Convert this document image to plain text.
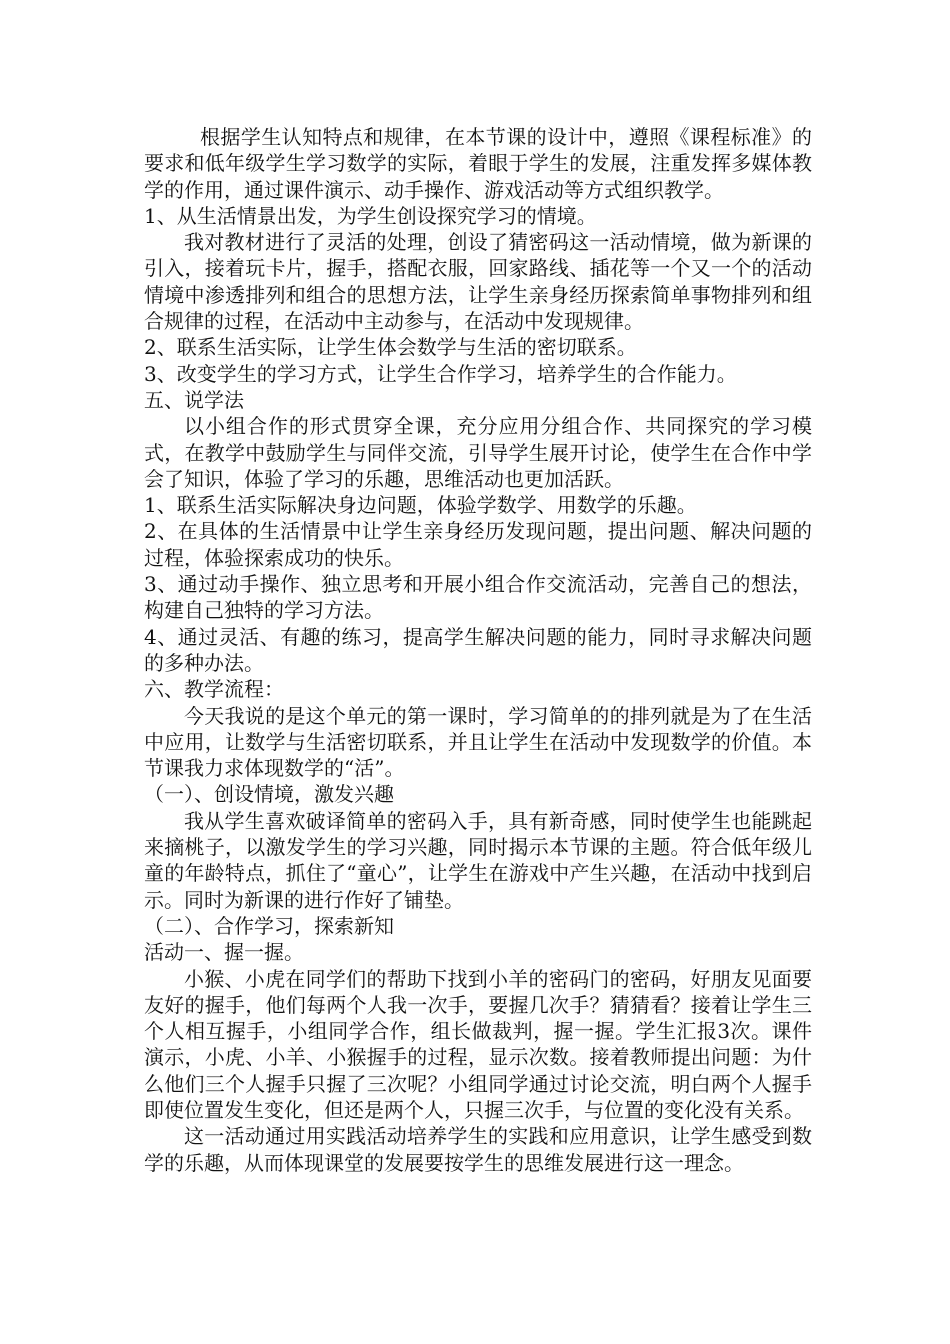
根据学生认知特点和规律，在本节课的设计中，遵照《课程标准》的要求和低年级学生学习数学的实际，着眼于学生的发展，注重发挥多媒体教学的作用，通过课件演示、动手操作、游戏活动等方式组织教学。

1、从生活情景出发，为学生创设探究学习的情境。

我对教材进行了灵活的处理，创设了猜密码这一活动情境，做为新课的引入，接着玩卡片，握手，搭配衣服，回家路线、插花等一个又一个的活动情境中渗透排列和组合的思想方法，让学生亲身经历探索简单事物排列和组合规律的过程，在活动中主动参与，在活动中发现规律。

2、联系生活实际，让学生体会数学与生活的密切联系。

3、改变学生的学习方式，让学生合作学习，培养学生的合作能力。

五、说学法

以小组合作的形式贯穿全课，充分应用分组合作、共同探究的学习模式，在教学中鼓励学生与同伴交流，引导学生展开讨论，使学生在合作中学会了知识，体验了学习的乐趣，思维活动也更加活跃。

1、联系生活实际解决身边问题，体验学数学、用数学的乐趣。

2、在具体的生活情景中让学生亲身经历发现问题，提出问题、解决问题的过程，体验探索成功的快乐。

3、通过动手操作、独立思考和开展小组合作交流活动，完善自己的想法，构建自己独特的学习方法。

4、通过灵活、有趣的练习，提高学生解决问题的能力，同时寻求解决问题的多种办法。

六、教学流程：

今天我说的是这个单元的第一课时，学习简单的的排列就是为了在生活中应用，让数学与生活密切联系，并且让学生在活动中发现数学的价值。本节课我力求体现数学的“活”。

（一）、创设情境，激发兴趣

我从学生喜欢破译简单的密码入手，具有新奇感，同时使学生也能跳起来摘桃子，以激发学生的学习兴趣，同时揭示本节课的主题。符合低年级儿童的年龄特点，抓住了“童心”，让学生在游戏中产生兴趣，在活动中找到启示。同时为新课的进行作好了铺垫。

（二）、合作学习，探索新知

活动一、握一握。

小猴、小虎在同学们的帮助下找到小羊的密码门的密码，好朋友见面要友好的握手，他们每两个人我一次手，要握几次手？猜猜看？接着让学生三个人相互握手，小组同学合作，组长做裁判，握一握。学生汇报3次。课件演示，小虎、小羊、小猴握手的过程，显示次数。接着教师提出问题：为什么他们三个人握手只握了三次呢？小组同学通过讨论交流，明白两个人握手即使位置发生变化，但还是两个人，只握三次手，与位置的变化没有关系。

这一活动通过用实践活动培养学生的实践和应用意识，让学生感受到数学的乐趣，从而体现课堂的发展要按学生的思维发展进行这一理念。
